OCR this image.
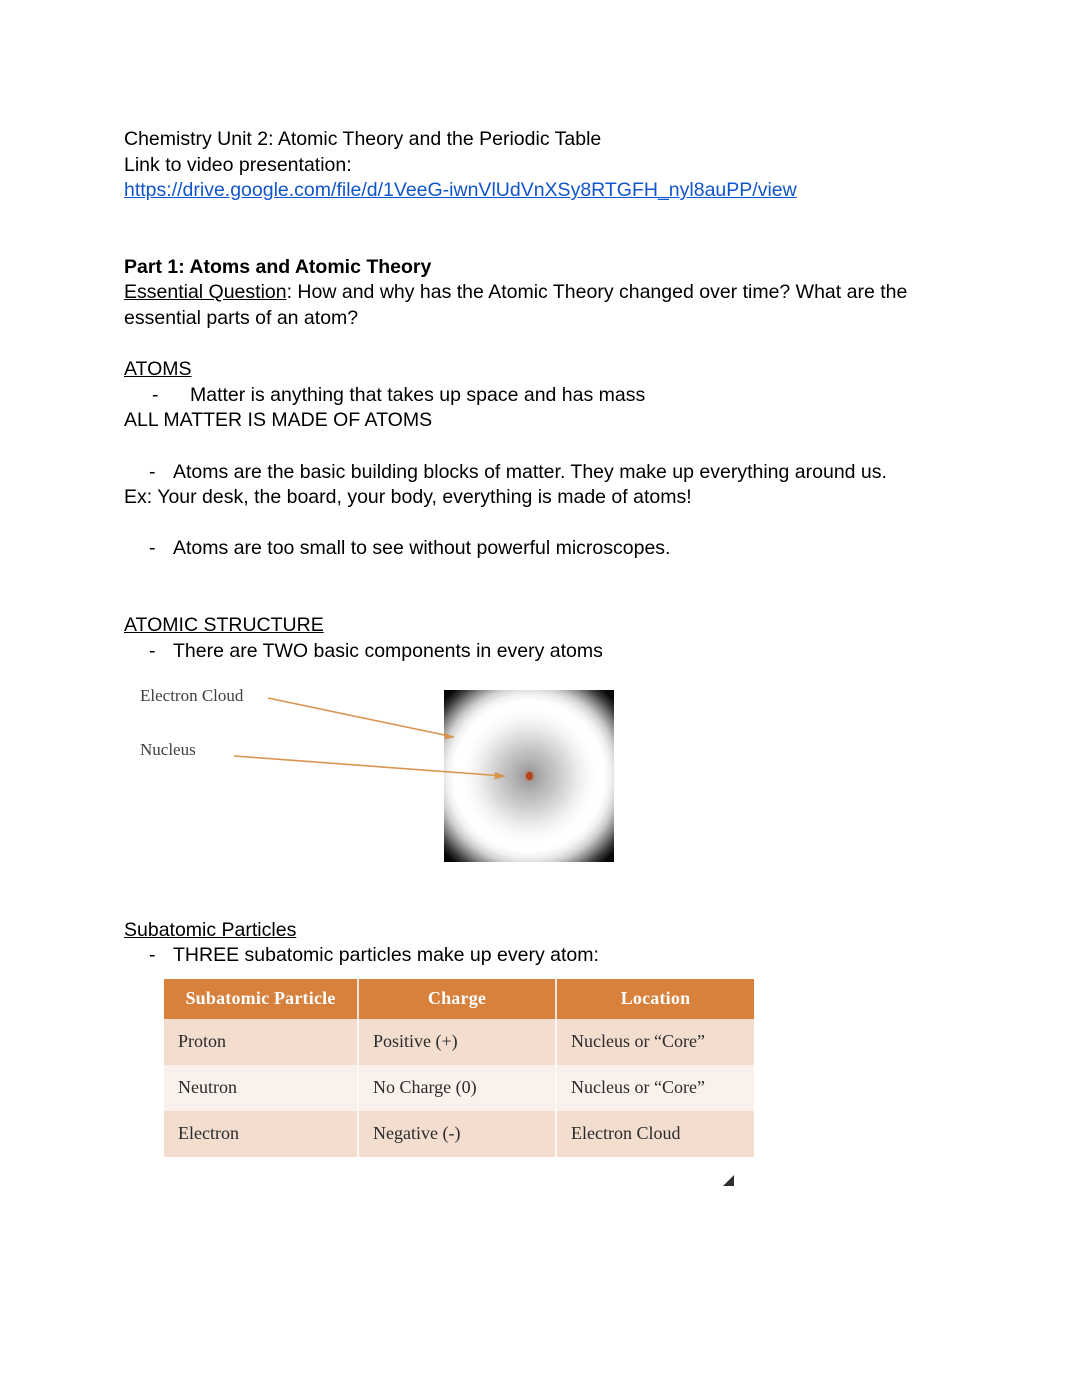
Chemistry Unit 2: Atomic Theory and the Periodic Table
Link to video presentation:
https://drive.google.com/file/d/1VeeG-iwnVlUdVnXSy8RTGFH_nyl8auPP/view
Part 1: Atoms and Atomic Theory
Essential Question: How and why has the Atomic Theory changed over time? What are the essential parts of an atom?
ATOMS
-	Matter is anything that takes up space and has mass
ALL MATTER IS MADE OF ATOMS
- Atoms are the basic building blocks of matter. They make up everything around us.
Ex: Your desk, the board, your body, everything is made of atoms!
- Atoms are too small to see without powerful microscopes.
ATOMIC STRUCTURE
- There are TWO basic components in every atoms
Electron Cloud
Nucleus
Subatomic Particles
- THREE subatomic particles make up every atom:
Subatomic Particle	Charge	Location
Proton	Positive (+)	Nucleus or “Core”
Neutron	No Charge (0)	Nucleus or “Core”
Electron	Negative (-)	Electron Cloud
